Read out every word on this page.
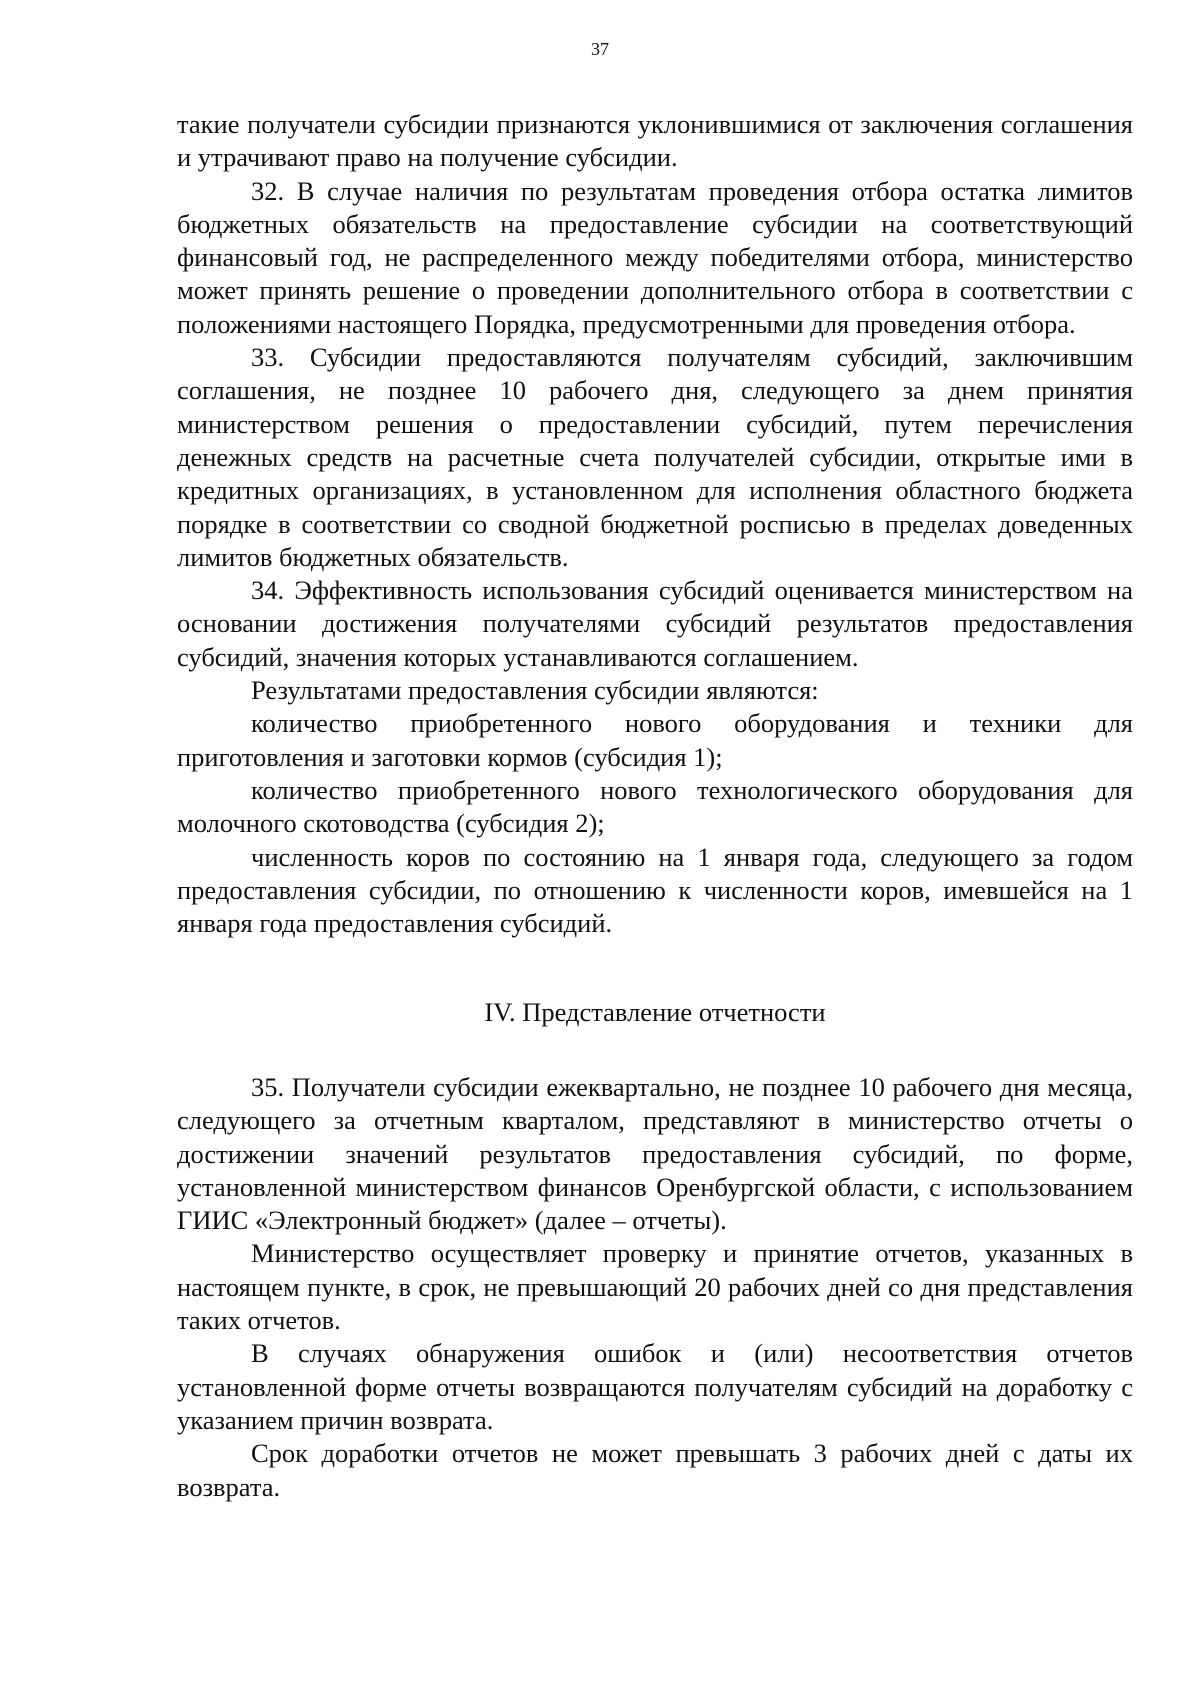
37

такие получатели субсидии признаются уклонившимися от заключения соглашения и утрачивают право на получение субсидии.

32. В случае наличия по результатам проведения отбора остатка лимитов бюджетных обязательств на предоставление субсидии на соответствующий финансовый год, не распределенного между победителями отбора, министерство может принять решение о проведении дополнительного отбора в соответствии с положениями настоящего Порядка, предусмотренными для проведения отбора.

33. Субсидии предоставляются получателям субсидий, заключившим соглашения, не позднее 10 рабочего дня, следующего за днем принятия министерством решения о предоставлении субсидий, путем перечисления денежных средств на расчетные счета получателей субсидии, открытые ими в кредитных организациях, в установленном для исполнения областного бюджета порядке в соответствии со сводной бюджетной росписью в пределах доведенных лимитов бюджетных обязательств.

34. Эффективность использования субсидий оценивается министерством на основании достижения получателями субсидий результатов предоставления субсидий, значения которых устанавливаются соглашением.

Результатами предоставления субсидии являются:

количество приобретенного нового оборудования и техники для приготовления и заготовки кормов (субсидия 1);

количество приобретенного нового технологического оборудования для молочного скотоводства (субсидия 2);

численность коров по состоянию на 1 января года, следующего за годом предоставления субсидии, по отношению к численности коров, имевшейся на 1 января года предоставления субсидий.

IV. Представление отчетности

35. Получатели субсидии ежеквартально, не позднее 10 рабочего дня месяца, следующего за отчетным кварталом, представляют в министерство отчеты о достижении значений результатов предоставления субсидий, по форме, установленной министерством финансов Оренбургской области, с использованием ГИИС «Электронный бюджет» (далее – отчеты).

Министерство осуществляет проверку и принятие отчетов, указанных в настоящем пункте, в срок, не превышающий 20 рабочих дней со дня представления таких отчетов.

В случаях обнаружения ошибок и (или) несоответствия отчетов установленной форме отчеты возвращаются получателям субсидий на доработку с указанием причин возврата.

Срок доработки отчетов не может превышать 3 рабочих дней с даты их возврата.
